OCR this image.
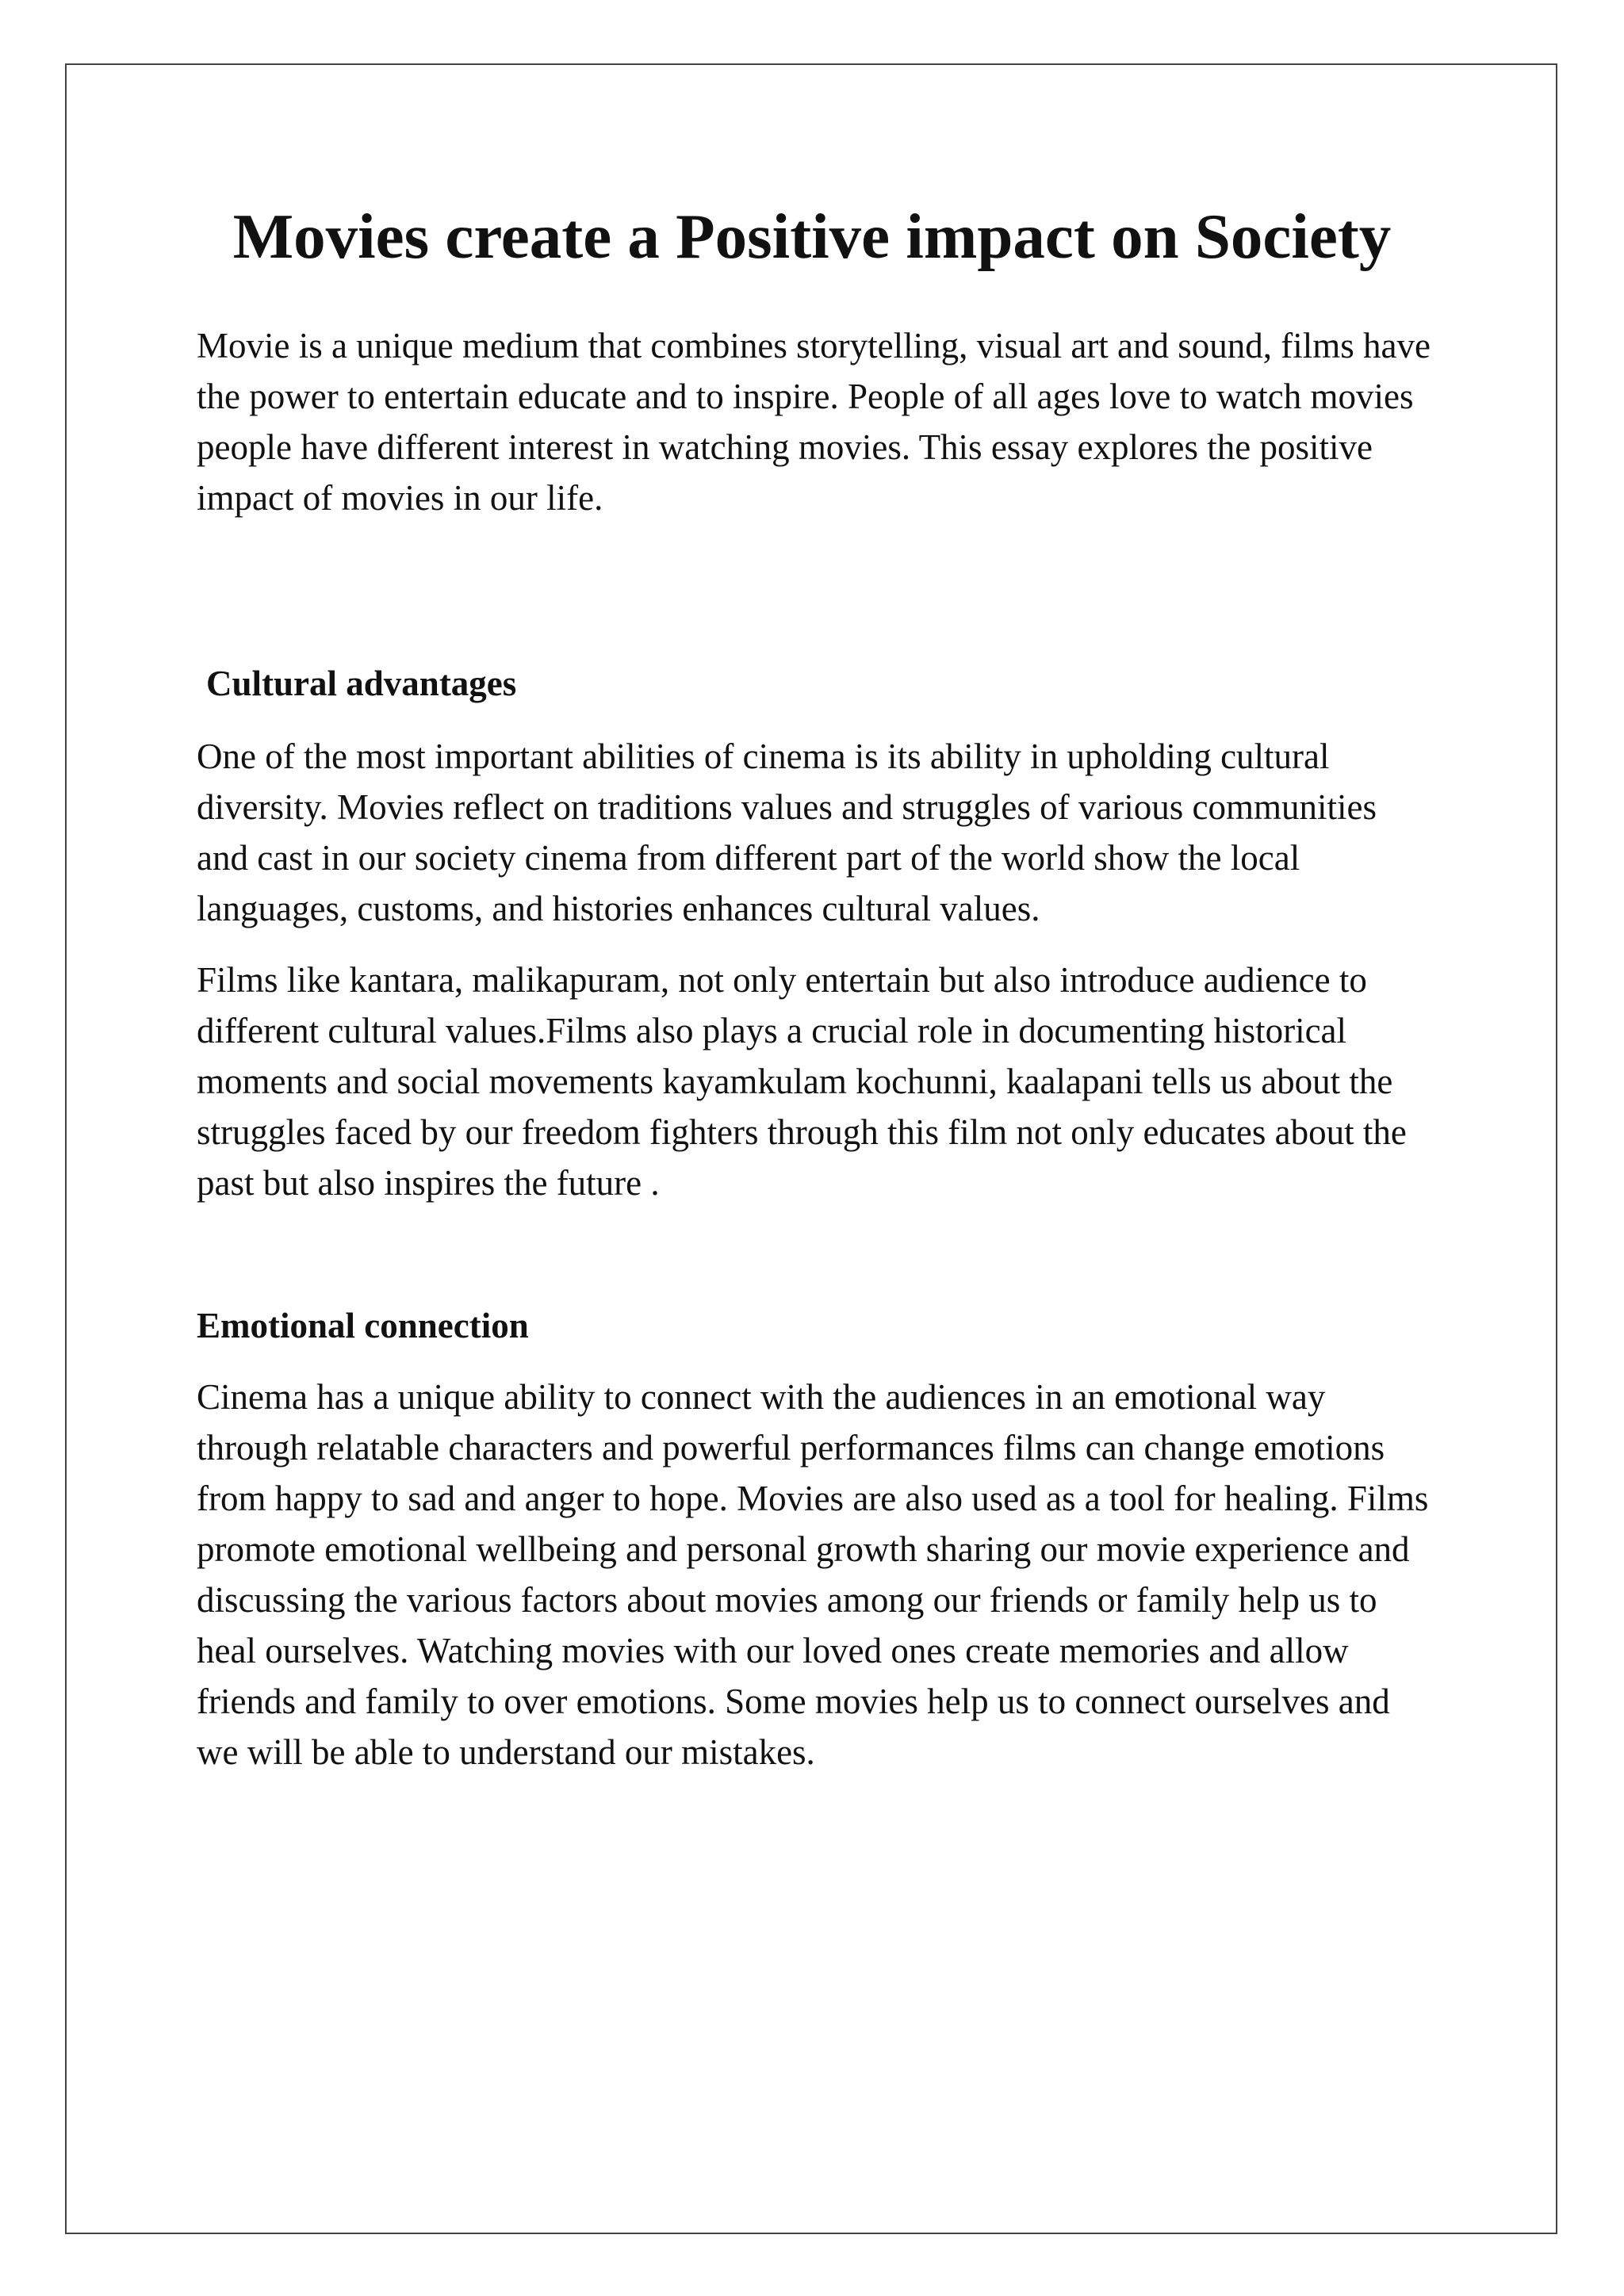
Movies create a Positive impact on Society

Movie is a unique medium that combines storytelling, visual art and sound, films have the power to entertain educate and to inspire. People of all ages love to watch movies people have different interest in watching movies. This essay explores the positive impact of movies in our life.

Cultural advantages

One of the most important abilities of cinema is its ability in upholding cultural diversity. Movies reflect on traditions values and struggles of various communities and cast in our society cinema from different part of the world show the local languages, customs, and histories enhances cultural values.

Films like kantara, malikapuram, not only entertain but also introduce audience to different cultural values.Films also plays a crucial role in documenting historical moments and social movements kayamkulam kochunni, kaalapani tells us about the struggles faced by our freedom fighters through this film not only educates about the past but also inspires the future .

Emotional connection

Cinema has a unique ability to connect with the audiences in an emotional way through relatable characters and powerful performances films can change emotions from happy to sad and anger to hope. Movies are also used as a tool for healing. Films promote emotional wellbeing and personal growth sharing our movie experience and discussing the various factors about movies among our friends or family help us to heal ourselves. Watching movies with our loved ones create memories and allow friends and family to over emotions. Some movies help us to connect ourselves and we will be able to understand our mistakes.
